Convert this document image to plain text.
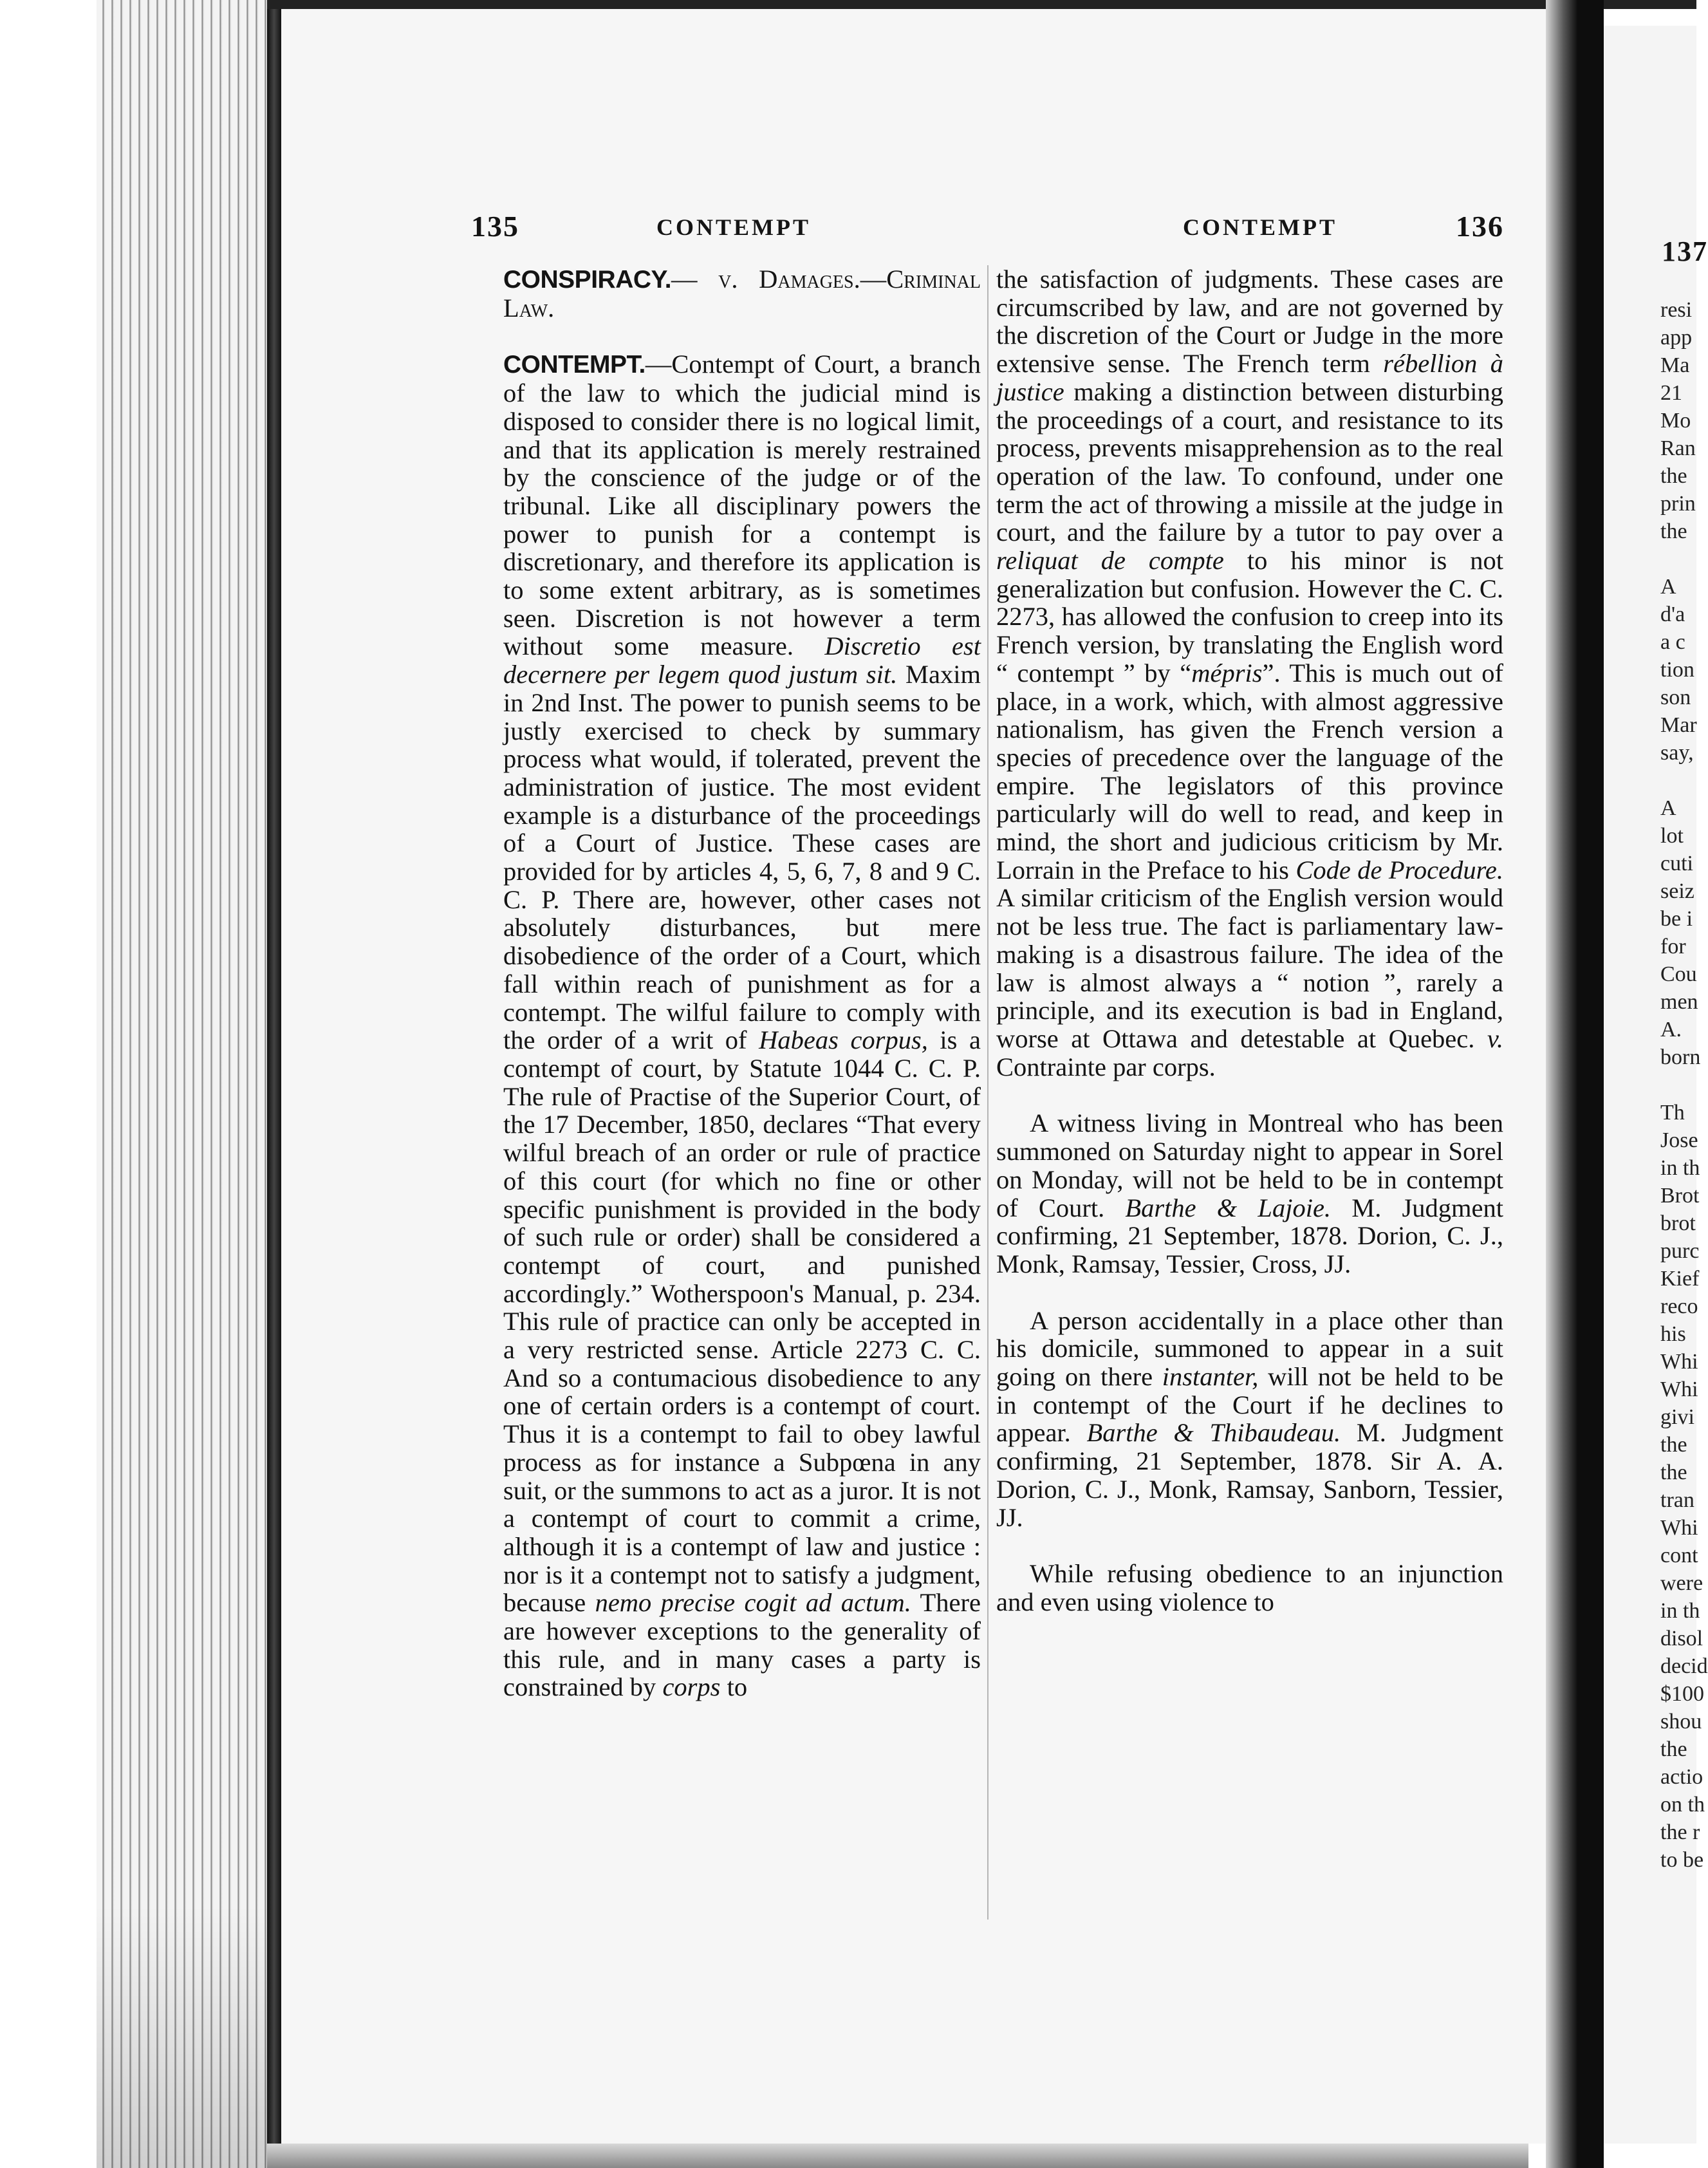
137
resi
app
Ma
21
Mo
Ran
the
prin
the

A
d'a
a c
tion
son
Mar
say,

A
lot
cuti
seiz
be i
for
Cou
men
A.
born

Th
Jose
in th
Brot
brot
purc
Kief
reco
his
Whi
Whi
givi
the
the
tran
Whi
cont
were
in th
disol
decid
$100
shou
the
actio
on th
the r
to be
135	CONTEMPT	CONTEMPT	136

CONSPIRACY.— v. Damages.—Criminal Law.

CONTEMPT.—Contempt of Court, a branch of the law to which the judicial mind is disposed to consider there is no logical limit, and that its application is merely restrained by the conscience of the judge or of the tribunal. Like all disciplinary powers the power to punish for a contempt is discretionary, and therefore its application is to some extent arbitrary, as is sometimes seen. Discretion is not however a term without some measure. Discretio est decernere per legem quod justum sit. Maxim in 2nd Inst. The power to punish seems to be justly exercised to check by summary process what would, if tolerated, prevent the administration of justice. The most evident example is a disturbance of the proceedings of a Court of Justice. These cases are provided for by articles 4, 5, 6, 7, 8 and 9 C. C. P. There are, however, other cases not absolutely disturbances, but mere disobedience of the order of a Court, which fall within reach of punishment as for a contempt. The wilful failure to comply with the order of a writ of Habeas corpus, is a contempt of court, by Statute 1044 C. C. P. The rule of Practise of the Superior Court, of the 17 December, 1850, declares “That every wilful breach of an order or rule of practice of this court (for which no fine or other specific punishment is provided in the body of such rule or order) shall be considered a contempt of court, and punished accordingly.” Wotherspoon's Manual, p. 234. This rule of practice can only be accepted in a very restricted sense. Article 2273 C. C. And so a contumacious disobedience to any one of certain orders is a contempt of court. Thus it is a contempt to fail to obey lawful process as for instance a Subpœna in any suit, or the summons to act as a juror. It is not a contempt of court to commit a crime, although it is a contempt of law and justice : nor is it a contempt not to satisfy a judgment, because nemo precise cogit ad actum. There are however exceptions to the generality of this rule, and in many cases a party is constrained by corps to

the satisfaction of judgments. These cases are circumscribed by law, and are not governed by the discretion of the Court or Judge in the more extensive sense. The French term rébellion à justice making a distinction between disturbing the proceedings of a court, and resistance to its process, prevents misapprehension as to the real operation of the law. To confound, under one term the act of throwing a missile at the judge in court, and the failure by a tutor to pay over a reliquat de compte to his minor is not generalization but confusion. However the C. C. 2273, has allowed the confusion to creep into its French version, by translating the English word “ contempt ” by “mépris”. This is much out of place, in a work, which, with almost aggressive nationalism, has given the French version a species of precedence over the language of the empire. The legislators of this province particularly will do well to read, and keep in mind, the short and judicious criticism by Mr. Lorrain in the Preface to his Code de Procedure. A similar criticism of the English version would not be less true. The fact is parliamentary law-making is a disastrous failure. The idea of the law is almost always a “ notion ”, rarely a principle, and its execution is bad in England, worse at Ottawa and detestable at Quebec. v. Contrainte par corps.

A witness living in Montreal who has been summoned on Saturday night to appear in Sorel on Monday, will not be held to be in contempt of Court. Barthe & Lajoie. M. Judgment confirming, 21 September, 1878. Dorion, C. J., Monk, Ramsay, Tessier, Cross, JJ.

A person accidentally in a place other than his domicile, summoned to appear in a suit going on there instanter, will not be held to be in contempt of the Court if he declines to appear. Barthe & Thibaudeau. M. Judgment confirming, 21 September, 1878. Sir A. A. Dorion, C. J., Monk, Ramsay, Sanborn, Tessier, JJ.

While refusing obedience to an injunction and even using violence to
